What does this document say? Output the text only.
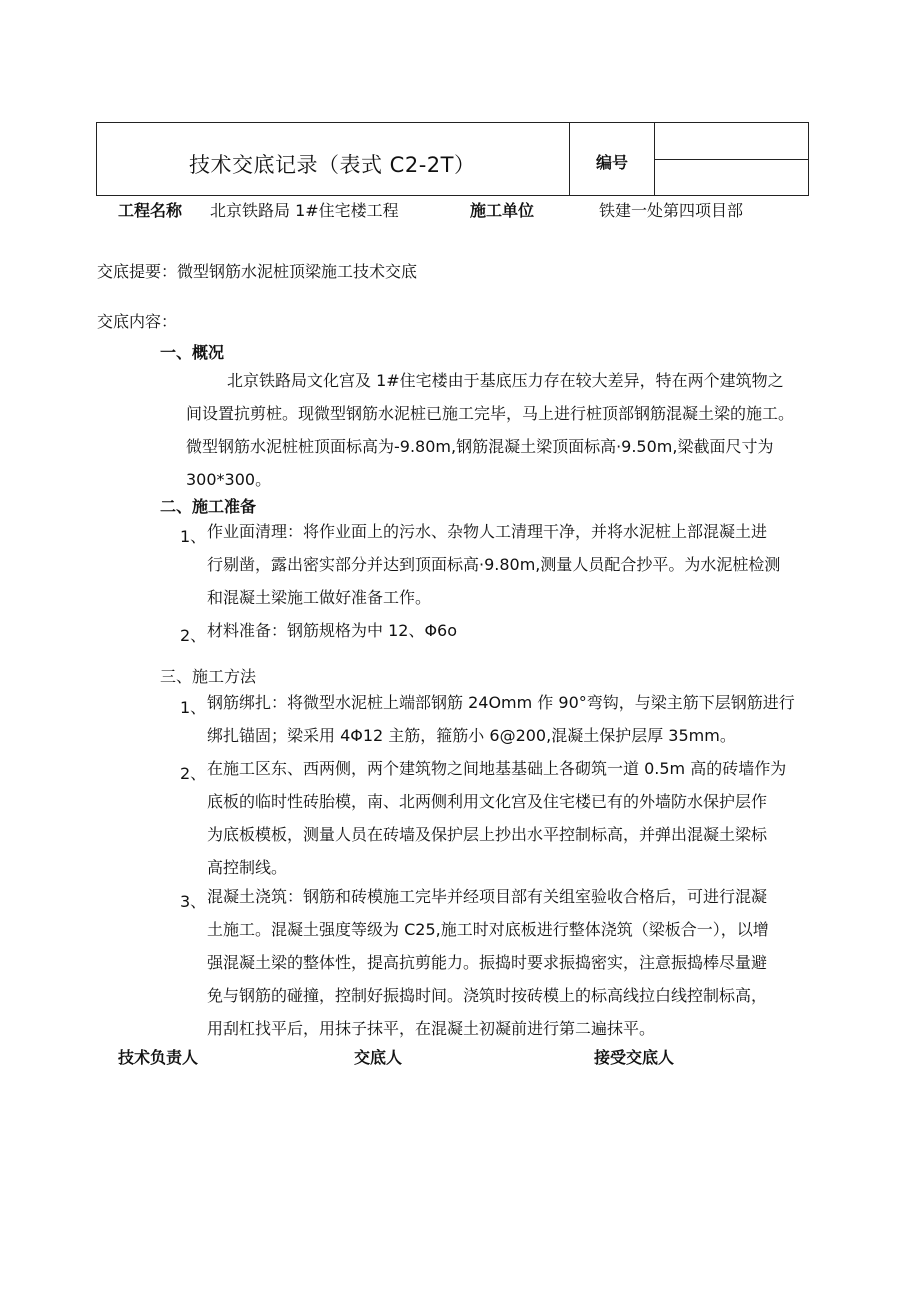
技术交底记录（表式 C2-2T）	编号
工程名称 北京铁路局 1#住宅楼工程	施工单位	铁建一处第四项目部
交底提要：微型钢筋水泥桩顶梁施工技术交底
交底内容：
一、概况
北京铁路局文化宫及 1#住宅楼由于基底压力存在较大差异，特在两个建筑物之
间设置抗剪桩。现微型钢筋水泥桩已施工完毕，马上进行桩顶部钢筋混凝土梁的施工。
微型钢筋水泥桩桩顶面标高为-9.80m,钢筋混凝土梁顶面标高·9.50m,梁截面尺寸为
300*300。
二、施工准备
1、 作业面清理：将作业面上的污水、杂物人工清理干净，并将水泥桩上部混凝土进
行剔凿，露出密实部分并达到顶面标高·9.80m,测量人员配合抄平。为水泥桩检测
和混凝土梁施工做好准备工作。
2、 材料准备：钢筋规格为中 12、Φ6o
三、施工方法
1、 钢筋绑扎：将微型水泥桩上端部钢筋 24Omm 作 90°弯钩，与梁主筋下层钢筋进行
绑扎锚固；梁采用 4Φ12 主筋，箍筋小 6@200,混凝土保护层厚 35mm。
2、 在施工区东、西两侧，两个建筑物之间地基基础上各砌筑一道 0.5m 高的砖墙作为
底板的临时性砖胎模，南、北两侧利用文化宫及住宅楼已有的外墙防水保护层作
为底板模板，测量人员在砖墙及保护层上抄出水平控制标高，并弹出混凝土梁标
高控制线。
3、 混凝土浇筑：钢筋和砖模施工完毕并经项目部有关组室验收合格后，可进行混凝
土施工。混凝土强度等级为 C25,施工时对底板进行整体浇筑（梁板合一），以增
强混凝土梁的整体性，提高抗剪能力。振捣时要求振捣密实，注意振捣棒尽量避
免与钢筋的碰撞，控制好振捣时间。浇筑时按砖模上的标高线拉白线控制标高，
用刮杠找平后，用抹子抹平，在混凝土初凝前进行第二遍抹平。
技术负责人	交底人	接受交底人
